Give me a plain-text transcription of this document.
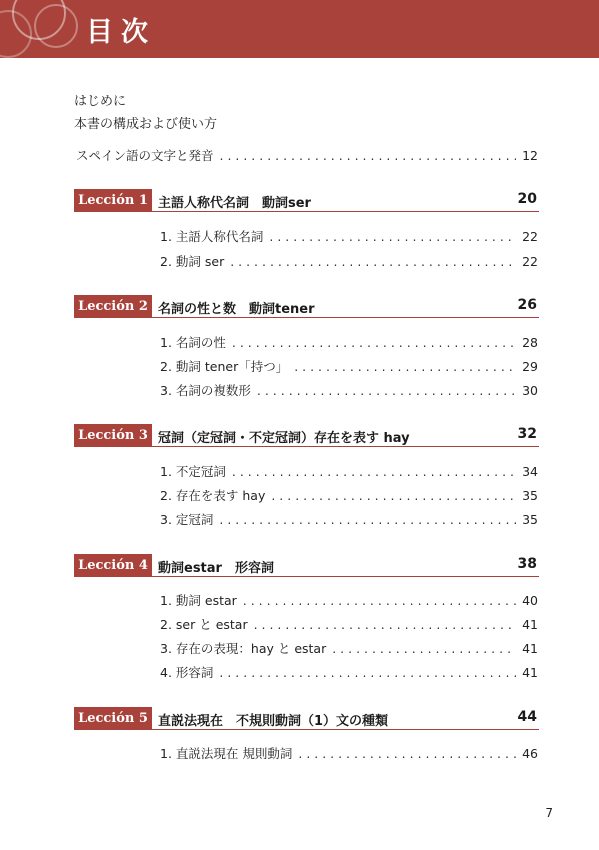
目次
はじめに
本書の構成および使い方
スペイン語の文字と発音 . . .	12
Lección 1 主語人称代名詞　動詞ser	20
1. 主語人称代名詞 . . .	22
2. 動詞 ser . . .	22
Lección 2 名詞の性と数　動詞tener	26
1. 名詞の性 . . .	28
2. 動詞 tener「持つ」 . . .	29
3. 名詞の複数形 . . .	30
Lección 3 冠詞（定冠詞・不定冠詞）存在を表す hay	32
1. 不定冠詞 . . .	34
2. 存在を表す hay . . .	35
3. 定冠詞 . . .	35
Lección 4 動詞estar　形容詞	38
1. 動詞 estar . . .	40
2. ser と estar . . .	41
3. 存在の表現：hay と estar . . .	41
4. 形容詞 . . .	41
Lección 5 直説法現在　不規則動詞（1）文の種類	44
1. 直説法現在 規則動詞 . . .	46
7
